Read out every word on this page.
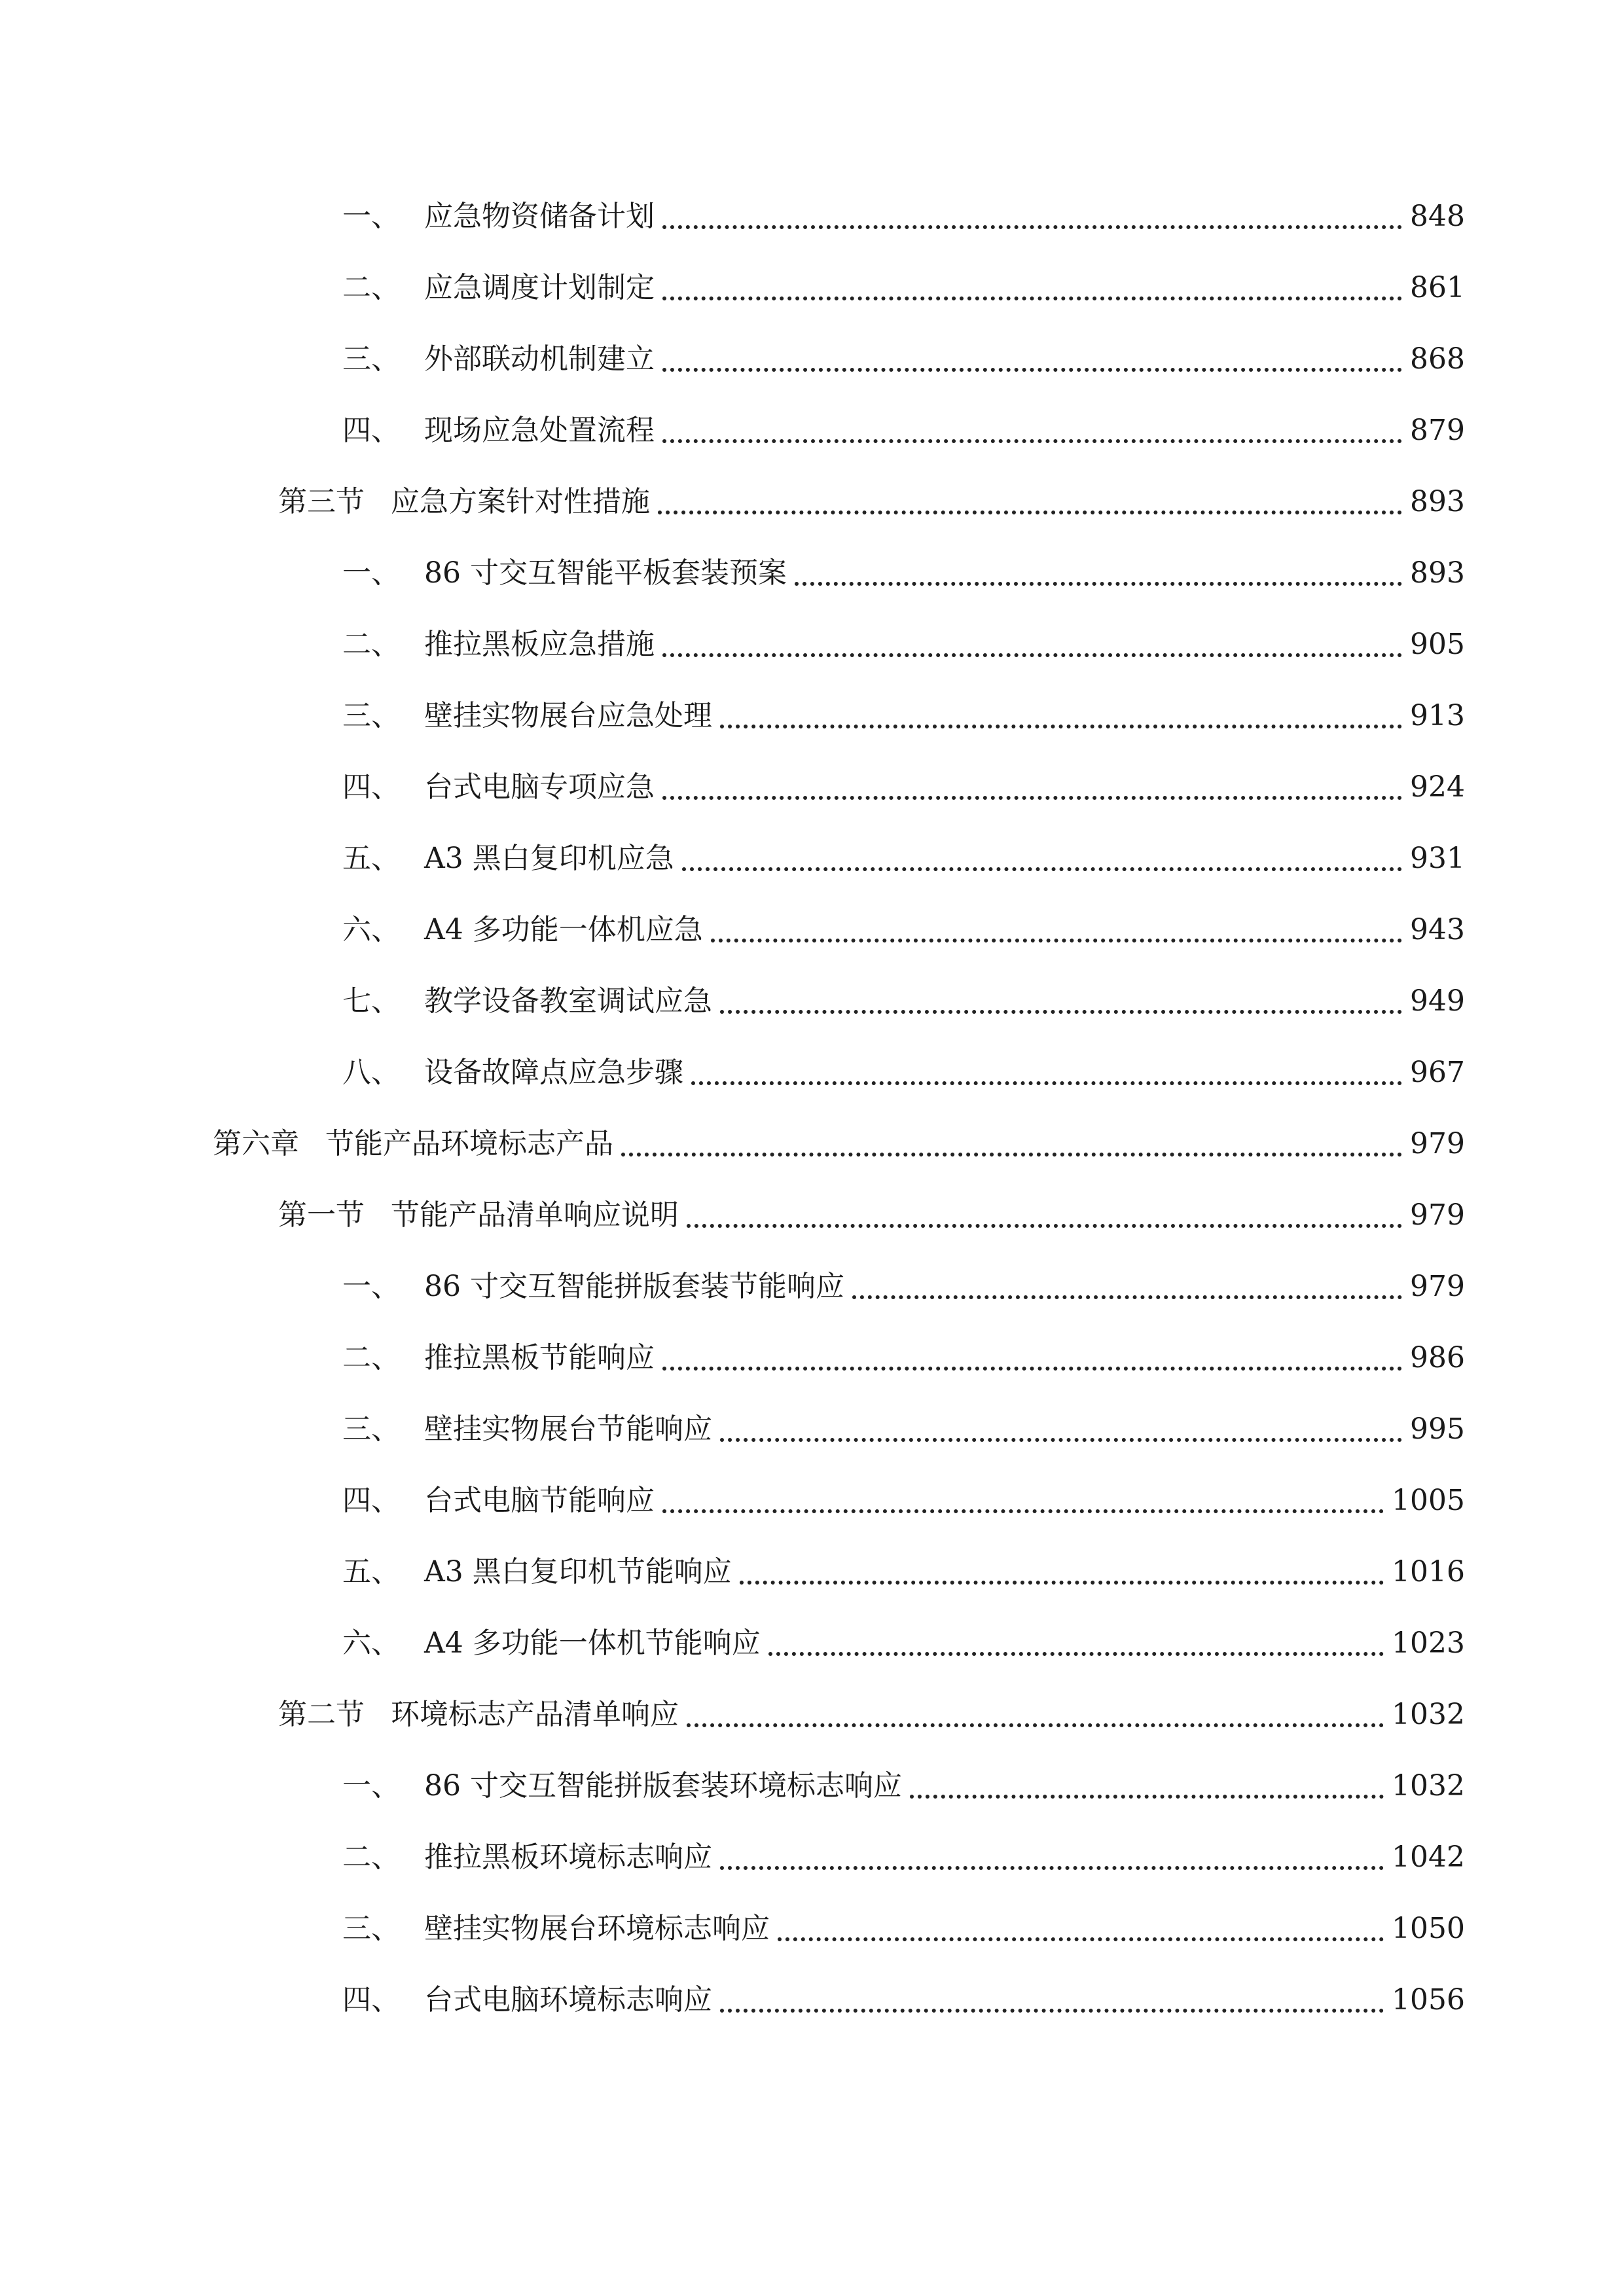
一、 应急物资储备计划	848
二、 应急调度计划制定	861
三、 外部联动机制建立	868
四、 现场应急处置流程	879
第三节 应急方案针对性措施	893
一、 86 寸交互智能平板套装预案	893
二、 推拉黑板应急措施	905
三、 壁挂实物展台应急处理	913
四、 台式电脑专项应急	924
五、 A3 黑白复印机应急	931
六、 A4 多功能一体机应急	943
七、 教学设备教室调试应急	949
八、 设备故障点应急步骤	967
第六章 节能产品环境标志产品	979
第一节 节能产品清单响应说明	979
一、 86 寸交互智能拼版套装节能响应	979
二、 推拉黑板节能响应	986
三、 壁挂实物展台节能响应	995
四、 台式电脑节能响应	1005
五、 A3 黑白复印机节能响应	1016
六、 A4 多功能一体机节能响应	1023
第二节 环境标志产品清单响应	1032
一、 86 寸交互智能拼版套装环境标志响应	1032
二、 推拉黑板环境标志响应	1042
三、 壁挂实物展台环境标志响应	1050
四、 台式电脑环境标志响应	1056
